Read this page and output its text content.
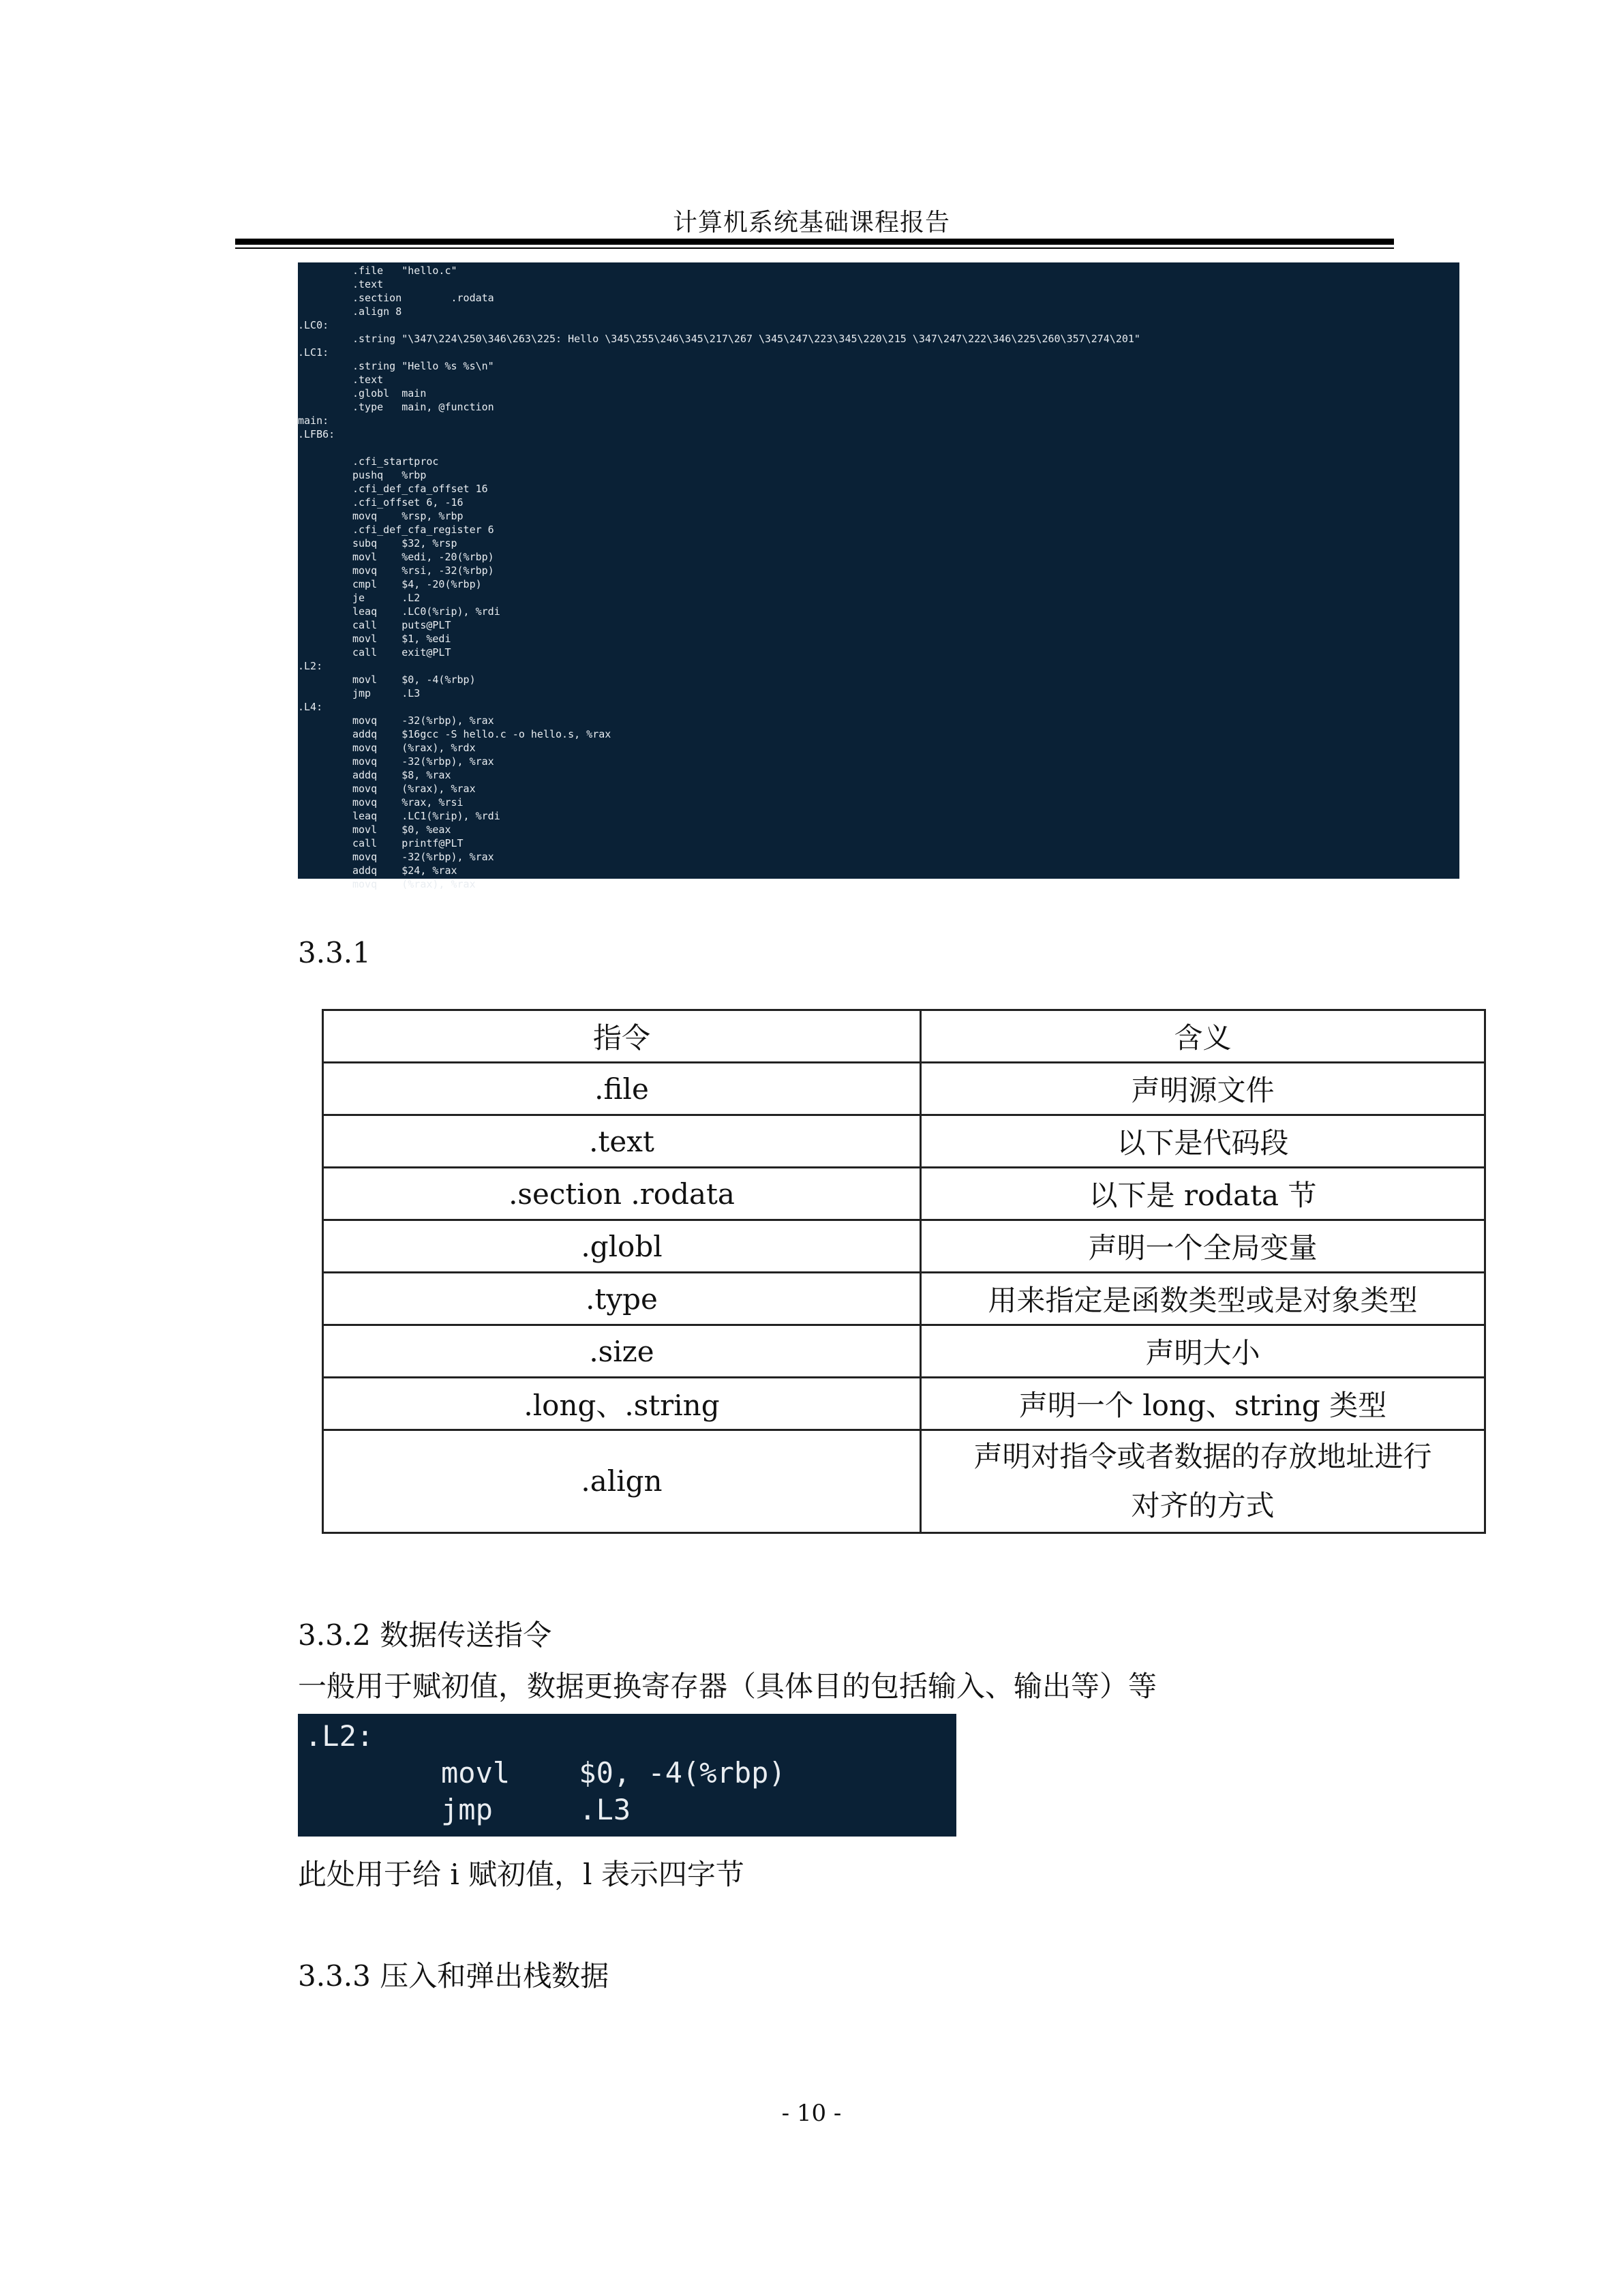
计算机系统基础课程报告
.file   "hello.c"
.text
.section        .rodata
.align 8
.LC0:
.string "\347\224\250\346\263\225: Hello \345\255\246\345\217\267 \345\247\223\345\220\215 \347\247\222\346\225\260\357\274\201"
.LC1:
.string "Hello %s %s\n"
.text
.globl  main
.type   main, @function
main:
.LFB6:
.cfi_startproc
pushq   %rbp
.cfi_def_cfa_offset 16
.cfi_offset 6, -16
movq    %rsp, %rbp
.cfi_def_cfa_register 6
subq    $32, %rsp
movl    %edi, -20(%rbp)
movq    %rsi, -32(%rbp)
cmpl    $4, -20(%rbp)
je      .L2
leaq    .LC0(%rip), %rdi
call    puts@PLT
movl    $1, %edi
call    exit@PLT
.L2:
movl    $0, -4(%rbp)
jmp     .L3
.L4:
movq    -32(%rbp), %rax
addq    $16gcc -S hello.c -o hello.s, %rax
movq    (%rax), %rdx
movq    -32(%rbp), %rax
addq    $8, %rax
movq    (%rax), %rax
movq    %rax, %rsi
leaq    .LC1(%rip), %rdi
movl    $0, %eax
call    printf@PLT
movq    -32(%rbp), %rax
addq    $24, %rax
movq    (%rax), %rax
3.3.1
指令	含义
.file	声明源文件
.text	以下是代码段
.section .rodata	以下是 rodata 节
.globl	声明一个全局变量
.type	用来指定是函数类型或是对象类型
.size	声明大小
.long、.string	声明一个 long、string 类型
.align	声明对指令或者数据的存放地址进行
对齐的方式
3.3.2 数据传送指令
一般用于赋初值，数据更换寄存器（具体目的包括输入、输出等）等
.L2:
movl    $0, -4(%rbp)
jmp     .L3
此处用于给 i 赋初值，l 表示四字节
3.3.3 压入和弹出栈数据
- 10 -
